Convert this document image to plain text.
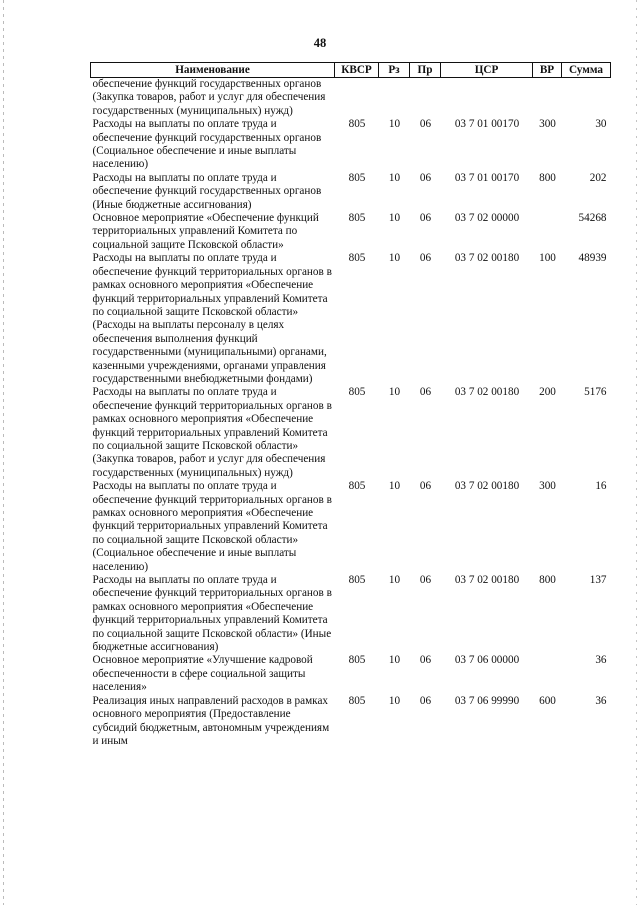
48
Наименование	КВСР	Рз	Пр	ЦСР	ВР	Сумма
обеспечение функций государственных органов (Закупка товаров, работ и услуг для обеспечения государственных (муниципальных) нужд)						
Расходы на выплаты по оплате труда и обеспечение функций государственных органов (Социальное обеспечение и иные выплаты населению)	805	10	06	03 7 01 00170	300	30
Расходы на выплаты по оплате труда и обеспечение функций государственных органов (Иные бюджетные ассигнования)	805	10	06	03 7 01 00170	800	202
Основное мероприятие «Обеспечение функций территориальных управлений Комитета по социальной защите Псковской области»	805	10	06	03 7 02 00000		54268
Расходы на выплаты по оплате труда и обеспечение функций территориальных органов в рамках основного мероприятия «Обеспечение функций территориальных управлений Комитета по социальной защите Псковской области» (Расходы на выплаты персоналу в целях обеспечения выполнения функций государственными (муниципальными) органами, казенными учреждениями, органами управления государственными внебюджетными фондами)	805	10	06	03 7 02 00180	100	48939
Расходы на выплаты по оплате труда и обеспечение функций территориальных органов в рамках основного мероприятия «Обеспечение функций территориальных управлений Комитета по социальной защите Псковской области» (Закупка товаров, работ и услуг для обеспечения государственных (муниципальных) нужд)	805	10	06	03 7 02 00180	200	5176
Расходы на выплаты по оплате труда и обеспечение функций территориальных органов в рамках основного мероприятия «Обеспечение функций территориальных управлений Комитета по социальной защите Псковской области» (Социальное обеспечение и иные выплаты населению)	805	10	06	03 7 02 00180	300	16
Расходы на выплаты по оплате труда и обеспечение функций территориальных органов в рамках основного мероприятия «Обеспечение функций территориальных управлений Комитета по социальной защите Псковской области» (Иные бюджетные ассигнования)	805	10	06	03 7 02 00180	800	137
Основное мероприятие «Улучшение кадровой обеспеченности в сфере социальной защиты населения»	805	10	06	03 7 06 00000		36
Реализация иных направлений расходов в рамках основного мероприятия (Предоставление субсидий бюджетным, автономным учреждениям и иным	805	10	06	03 7 06 99990	600	36
